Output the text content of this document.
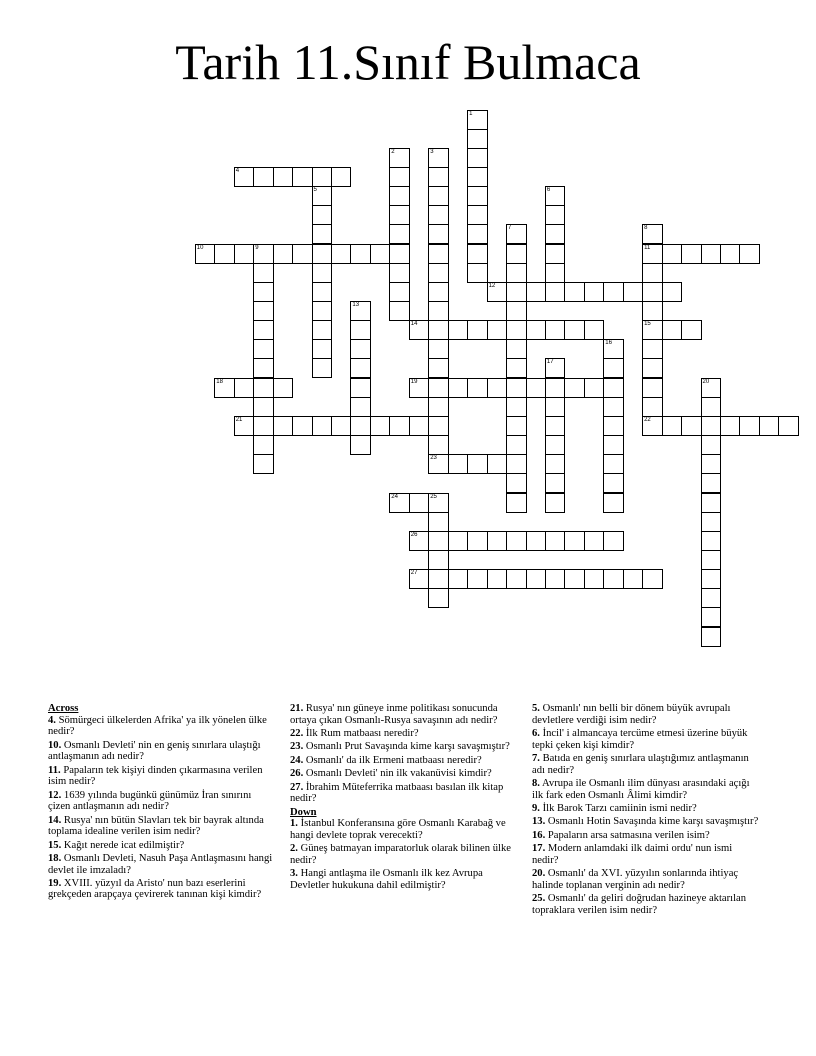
Tarih 11.Sınıf Bulmaca
4
10	9	11
12
14	15
18	19
21	22
23
24
26
27
1
2	3
5	6
7	8
13
16
17
20
25
Across
4. Sömürgeci ülkelerden Afrika' ya ilk yönelen ülke nedir?
10. Osmanlı Devleti' nin en geniş sınırlara ulaştığı antlaşmanın adı nedir?
11. Papaların tek kişiyi dinden çıkarmasına verilen isim nedir?
12. 1639 yılında bugünkü günümüz İran sınırını çizen antlaşmanın adı nedir?
14. Rusya' nın bütün Slavları tek bir bayrak altında toplama idealine verilen isim nedir?
15. Kağıt nerede icat edilmiştir?
18. Osmanlı Devleti, Nasuh Paşa Antlaşmasını hangi devlet ile imzaladı?
19. XVIII. yüzyıl da Aristo' nun bazı eserlerini grekçeden arapçaya çevirerek tanınan kişi kimdir?
21. Rusya' nın güneye inme politikası sonucunda ortaya çıkan Osmanlı-Rusya savaşının adı nedir?
22. İlk Rum matbaası neredir?
23. Osmanlı Prut Savaşında kime karşı savaşmıştır?
24. Osmanlı' da ilk Ermeni matbaası neredir?
26. Osmanlı Devleti' nin ilk vakanüvisi kimdir?
27. İbrahim Müteferrika matbaası basılan ilk kitap nedir?
Down
1. İstanbul Konferansına göre Osmanlı Karabağ ve hangi devlete toprak verecekti?
2. Güneş batmayan imparatorluk olarak bilinen ülke nedir?
3. Hangi antlaşma ile Osmanlı ilk kez Avrupa Devletler hukukuna dahil edilmiştir?
5. Osmanlı' nın belli bir dönem büyük avrupalı devletlere verdiği isim nedir?
6. İncil' i almancaya tercüme etmesi üzerine büyük tepki çeken kişi kimdir?
7. Batıda en geniş sınırlara ulaştığımız antlaşmanın adı nedir?
8. Avrupa ile Osmanlı ilim dünyası arasındaki açığı ilk fark eden Osmanlı Âlimi kimdir?
9. İlk Barok Tarzı camiinin ismi nedir?
13. Osmanlı Hotin Savaşında kime karşı savaşmıştır?
16. Papaların arsa satmasına verilen isim?
17. Modern anlamdaki ilk daimi ordu' nun ismi nedir?
20. Osmanlı' da XVI. yüzyılın sonlarında ihtiyaç halinde toplanan verginin adı nedir?
25. Osmanlı' da geliri doğrudan hazineye aktarılan topraklara verilen isim nedir?
